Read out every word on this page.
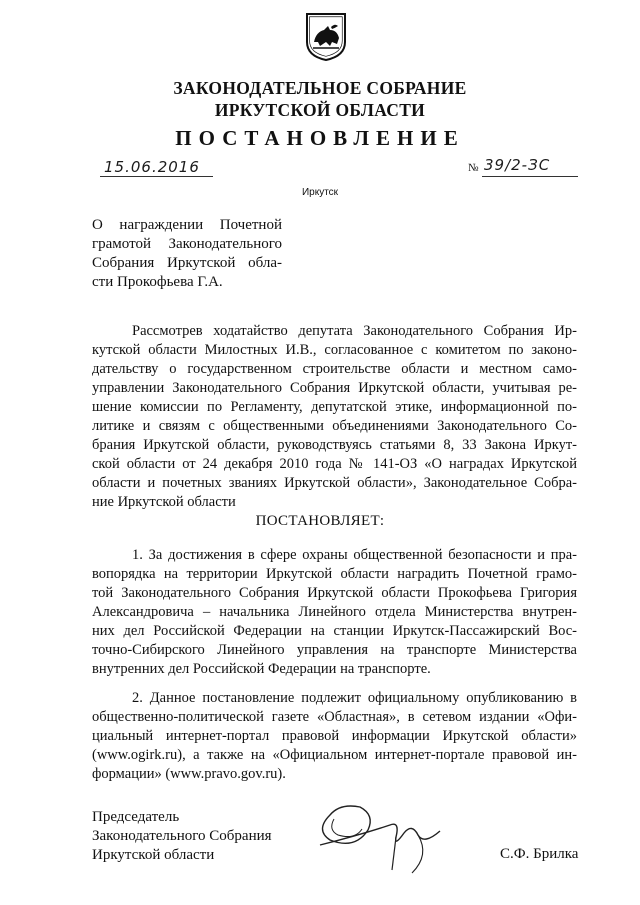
ЗАКОНОДАТЕЛЬНОЕ СОБРАНИЕ
ИРКУТСКОЙ ОБЛАСТИ
ПОСТАНОВЛЕНИЕ
15.06.2016	№ 39/2-ЗС
Иркутск
О награждении Почетной
грамотой Законодательного
Собрания Иркутской обла-
сти Прокофьева Г.А.
Рассмотрев ходатайство депутата Законодательного Собрания Ир-
кутской области Милостных И.В., согласованное с комитетом по законо-
дательству о государственном строительстве области и местном само-
управлении Законодательного Собрания Иркутской области, учитывая ре-
шение комиссии по Регламенту, депутатской этике, информационной по-
литике и связям с общественными объединениями Законодательного Со-
брания Иркутской области, руководствуясь статьями 8, 33 Закона Иркут-
ской области от 24 декабря 2010 года № 141-ОЗ «О наградах Иркутской
области и почетных званиях Иркутской области», Законодательное Собра-
ние Иркутской области
ПОСТАНОВЛЯЕТ:
1. За достижения в сфере охраны общественной безопасности и пра-
вопорядка на территории Иркутской области наградить Почетной грамо-
той Законодательного Собрания Иркутской области Прокофьева Григория
Александровича – начальника Линейного отдела Министерства внутрен-
них дел Российской Федерации на станции Иркутск-Пассажирский Вос-
точно-Сибирского Линейного управления на транспорте Министерства
внутренних дел Российской Федерации на транспорте.
2. Данное постановление подлежит официальному опубликованию в
общественно-политической газете «Областная», в сетевом издании «Офи-
циальный интернет-портал правовой информации Иркутской области»
(www.ogirk.ru), а также на «Официальном интернет-портале правовой ин-
формации» (www.pravo.gov.ru).
Председатель
Законодательного Собрания
Иркутской области	С.Ф. Брилка
